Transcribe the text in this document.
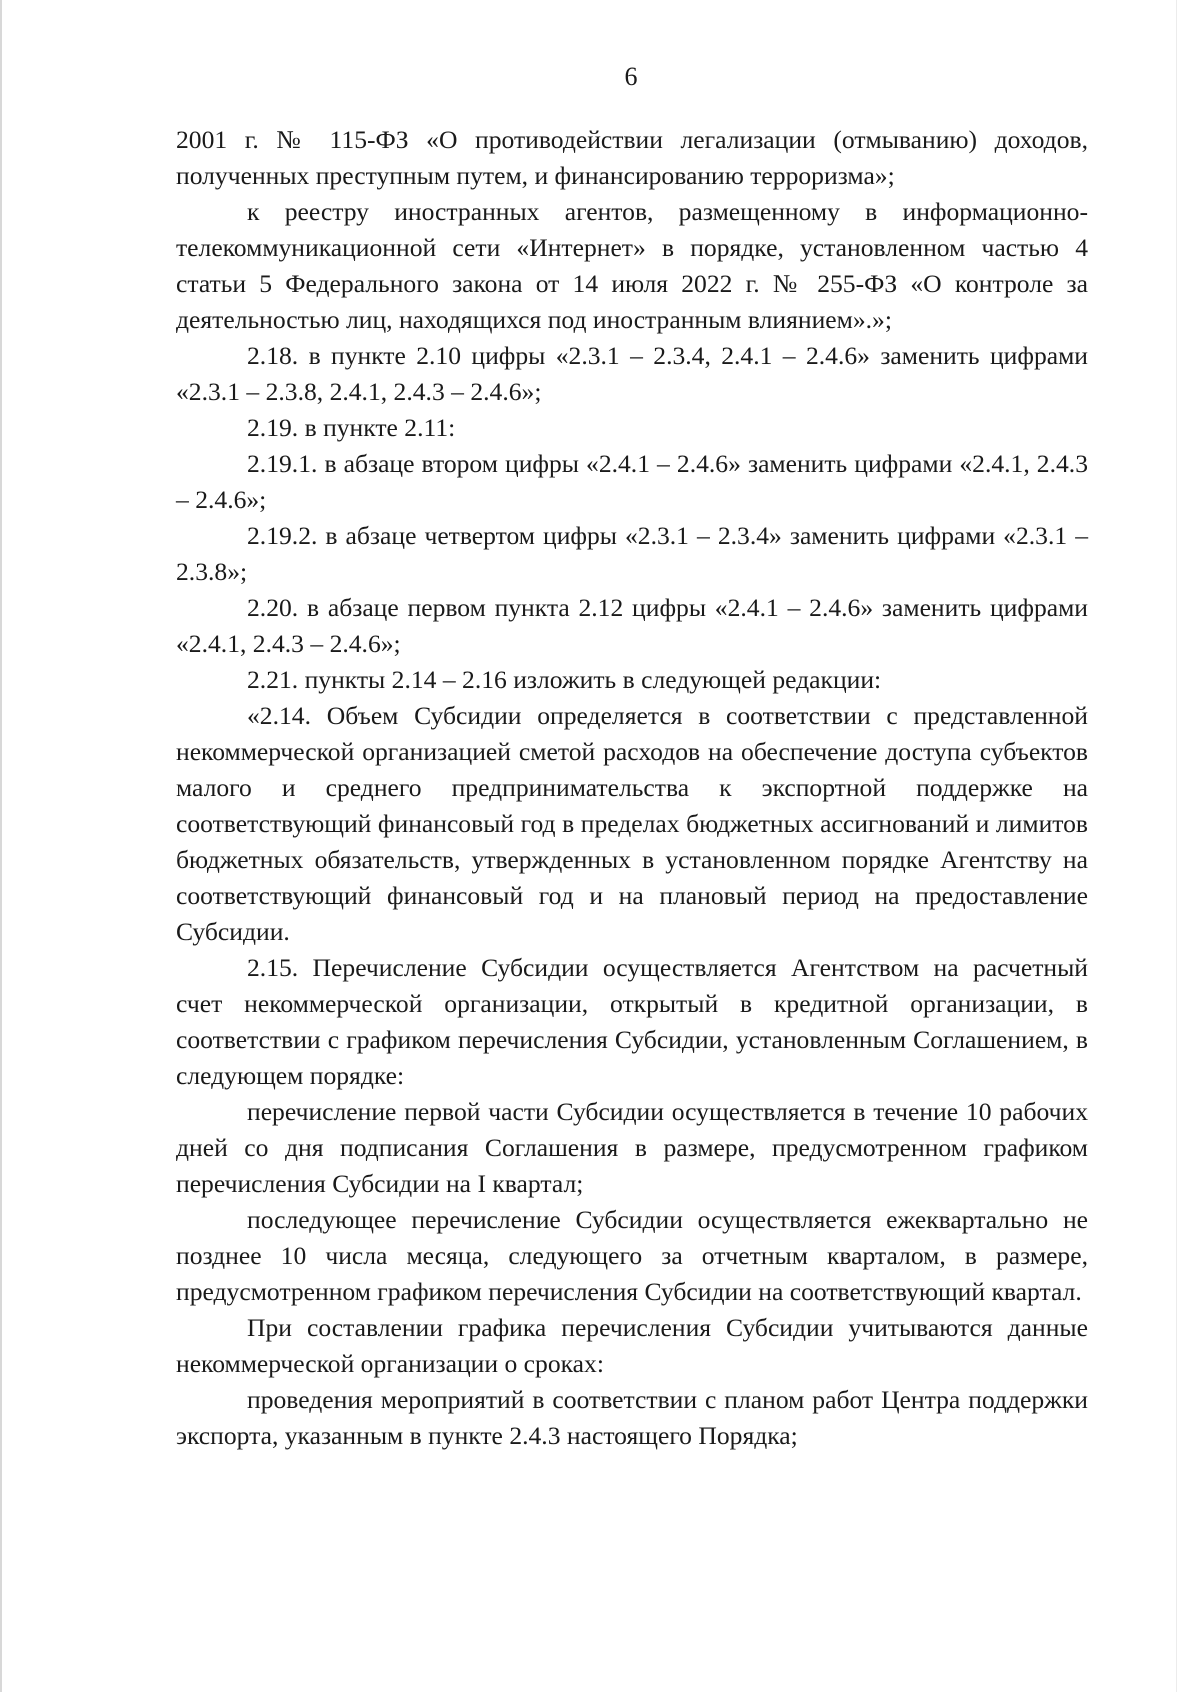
6

2001 г. № 115-ФЗ «О противодействии легализации (отмыванию) доходов, полученных преступным путем, и финансированию терроризма»;

к реестру иностранных агентов, размещенному в информационно-телекоммуникационной сети «Интернет» в порядке, установленном частью 4 статьи 5 Федерального закона от 14 июля 2022 г. № 255-ФЗ «О контроле за деятельностью лиц, находящихся под иностранным влиянием».»;

2.18. в пункте 2.10 цифры «2.3.1 – 2.3.4, 2.4.1 – 2.4.6» заменить цифрами «2.3.1 – 2.3.8, 2.4.1, 2.4.3 – 2.4.6»;

2.19. в пункте 2.11:

2.19.1. в абзаце втором цифры «2.4.1 – 2.4.6» заменить цифрами «2.4.1, 2.4.3 – 2.4.6»;

2.19.2. в абзаце четвертом цифры «2.3.1 – 2.3.4» заменить цифрами «2.3.1 – 2.3.8»;

2.20. в абзаце первом пункта 2.12 цифры «2.4.1 – 2.4.6» заменить цифрами «2.4.1, 2.4.3 – 2.4.6»;

2.21. пункты 2.14 – 2.16 изложить в следующей редакции:

«2.14. Объем Субсидии определяется в соответствии с представленной некоммерческой организацией сметой расходов на обеспечение доступа субъектов малого и среднего предпринимательства к экспортной поддержке на соответствующий финансовый год в пределах бюджетных ассигнований и лимитов бюджетных обязательств, утвержденных в установленном порядке Агентству на соответствующий финансовый год и на плановый период на предоставление Субсидии.

2.15. Перечисление Субсидии осуществляется Агентством на расчетный счет некоммерческой организации, открытый в кредитной организации, в соответствии с графиком перечисления Субсидии, установленным Соглашением, в следующем порядке:

перечисление первой части Субсидии осуществляется в течение 10 рабочих дней со дня подписания Соглашения в размере, предусмотренном графиком перечисления Субсидии на I квартал;

последующее перечисление Субсидии осуществляется ежеквартально не позднее 10 числа месяца, следующего за отчетным кварталом, в размере, предусмотренном графиком перечисления Субсидии на соответствующий квартал.

При составлении графика перечисления Субсидии учитываются данные некоммерческой организации о сроках:

проведения мероприятий в соответствии с планом работ Центра поддержки экспорта, указанным в пункте 2.4.3 настоящего Порядка;
